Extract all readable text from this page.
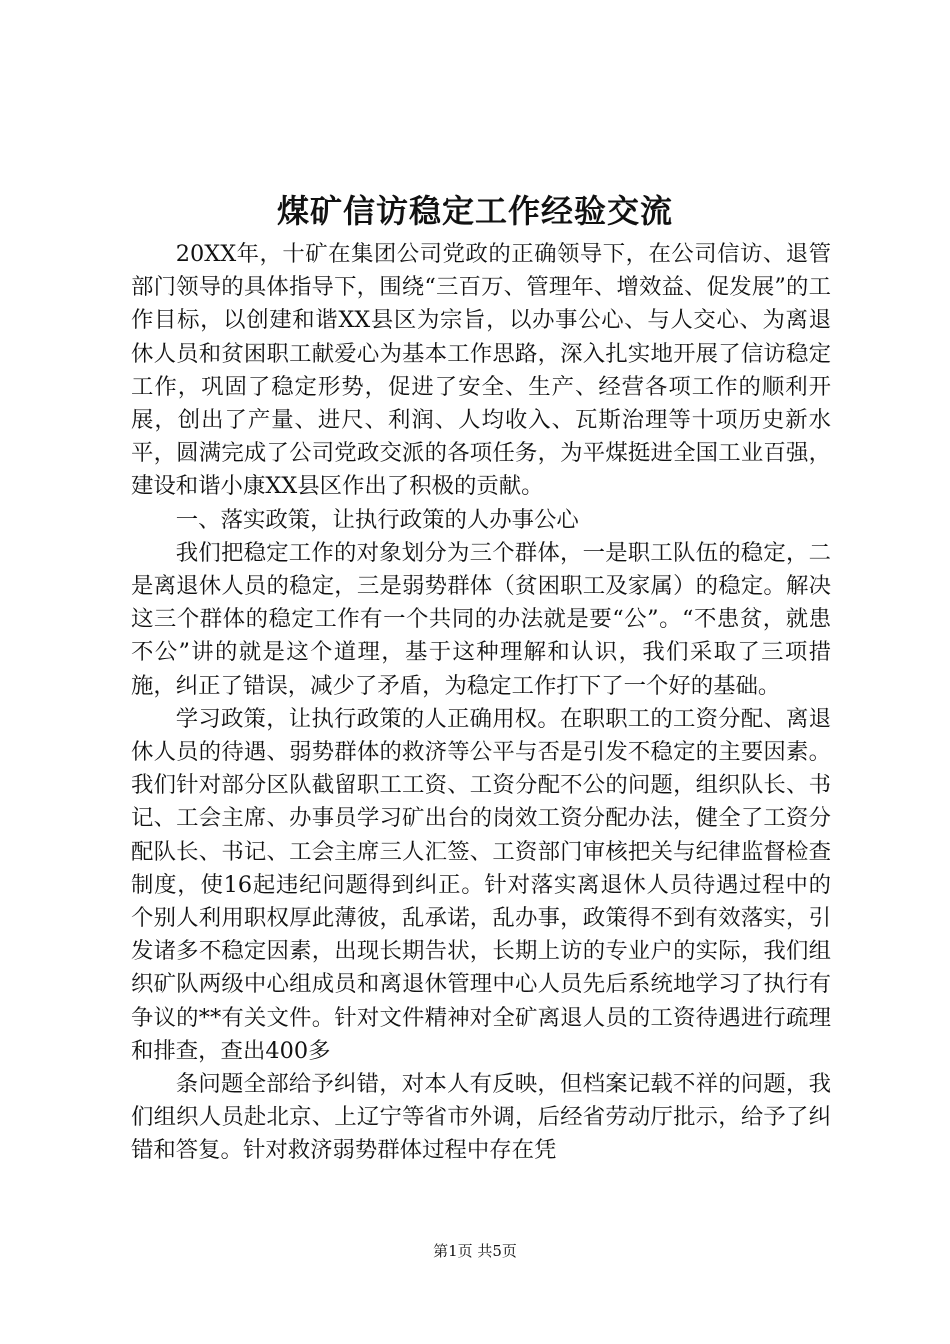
煤矿信访稳定工作经验交流

20XX年，十矿在集团公司党政的正确领导下，在公司信访、退管部门领导的具体指导下，围绕“三百万、管理年、增效益、促发展”的工作目标，以创建和谐XX县区为宗旨，以办事公心、与人交心、为离退休人员和贫困职工献爱心为基本工作思路，深入扎实地开展了信访稳定工作，巩固了稳定形势，促进了安全、生产、经营各项工作的顺利开展，创出了产量、进尺、利润、人均收入、瓦斯治理等十项历史新水平，圆满完成了公司党政交派的各项任务，为平煤挺进全国工业百强，建设和谐小康XX县区作出了积极的贡献。

一、落实政策，让执行政策的人办事公心

我们把稳定工作的对象划分为三个群体，一是职工队伍的稳定，二是离退休人员的稳定，三是弱势群体（贫困职工及家属）的稳定。解决这三个群体的稳定工作有一个共同的办法就是要“公”。“不患贫，就患不公”讲的就是这个道理，基于这种理解和认识，我们采取了三项措施，纠正了错误，减少了矛盾，为稳定工作打下了一个好的基础。

学习政策，让执行政策的人正确用权。在职职工的工资分配、离退休人员的待遇、弱势群体的救济等公平与否是引发不稳定的主要因素。我们针对部分区队截留职工工资、工资分配不公的问题，组织队长、书记、工会主席、办事员学习矿出台的岗效工资分配办法，健全了工资分配队长、书记、工会主席三人汇签、工资部门审核把关与纪律监督检查制度，使16起违纪问题得到纠正。针对落实离退休人员待遇过程中的个别人利用职权厚此薄彼，乱承诺，乱办事，政策得不到有效落实，引发诸多不稳定因素，出现长期告状，长期上访的专业户的实际，我们组织矿队两级中心组成员和离退休管理中心人员先后系统地学习了执行有争议的**有关文件。针对文件精神对全矿离退人员的工资待遇进行疏理和排查，查出400多

条问题全部给予纠错，对本人有反映，但档案记载不祥的问题，我们组织人员赴北京、上辽宁等省市外调，后经省劳动厅批示，给予了纠错和答复。针对救济弱势群体过程中存在凭

第1页 共5页
